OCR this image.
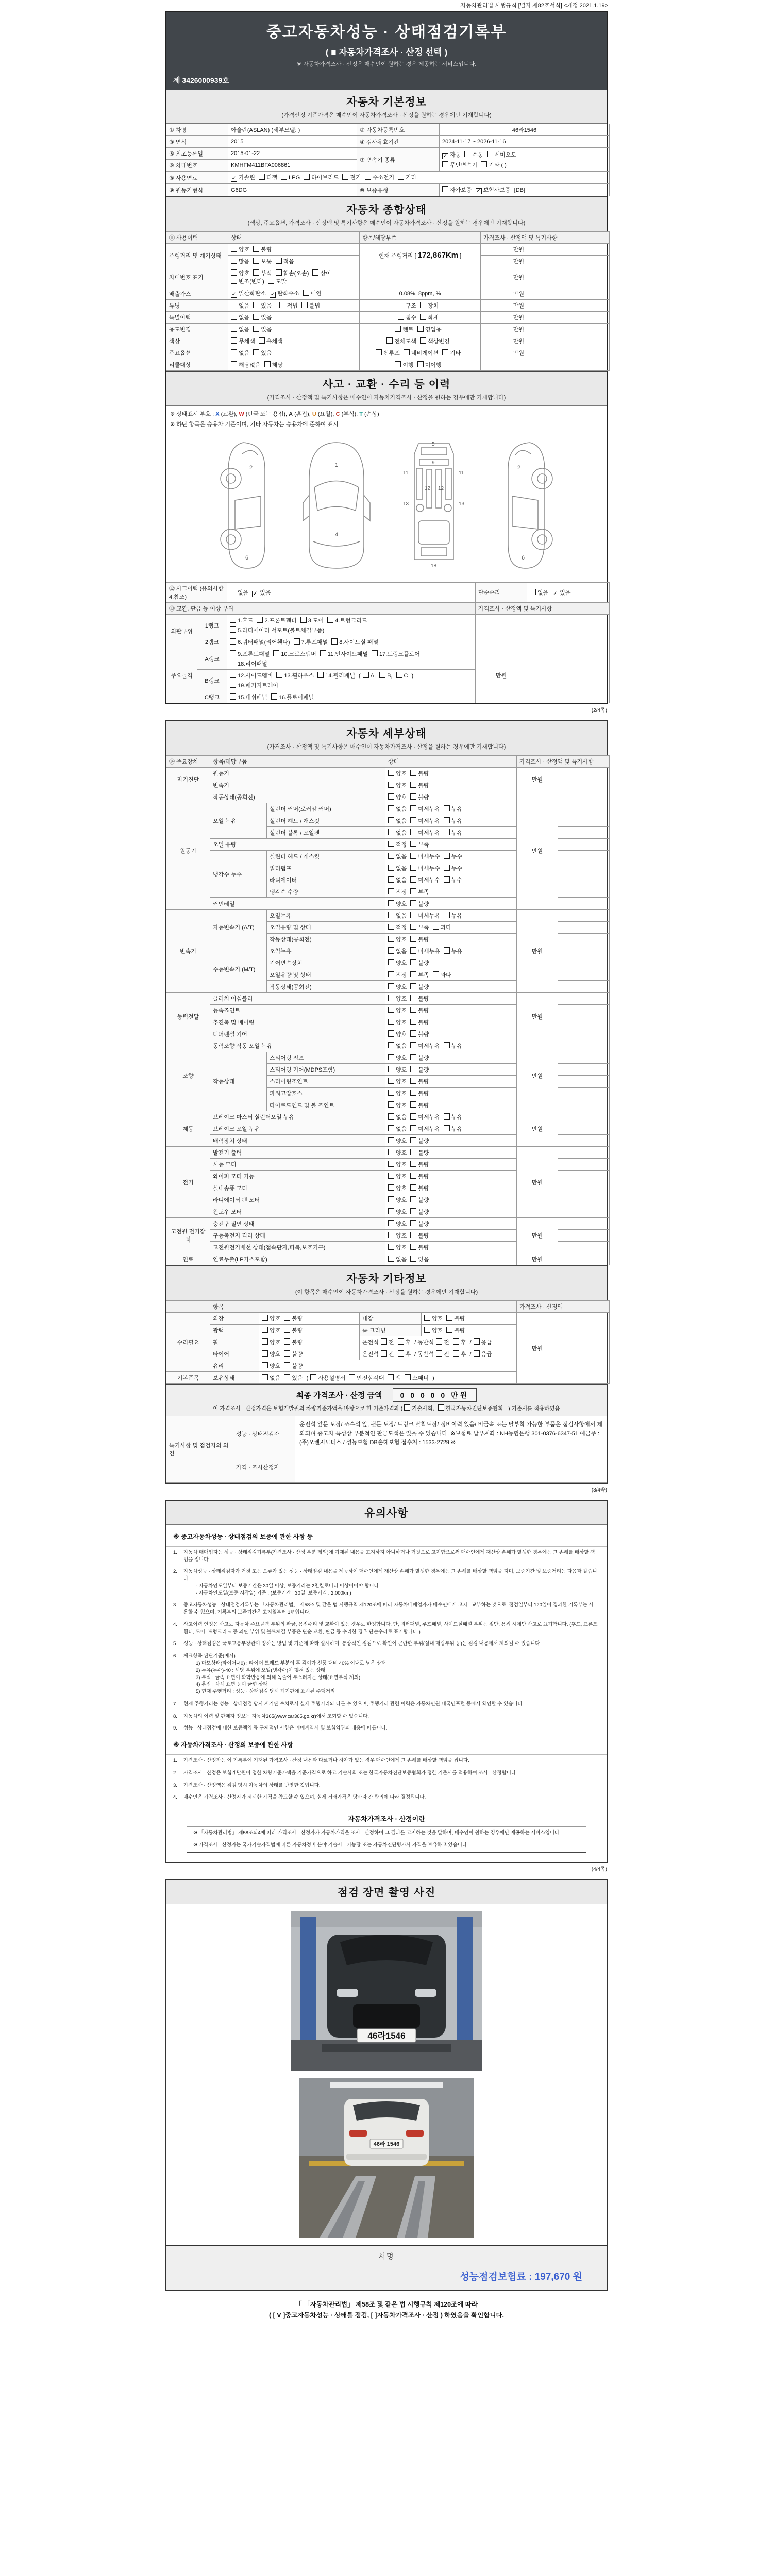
자동차관리법 시행규칙 [별지 제82호서식] <개정 2021.1.19>
중고자동차성능 · 상태점검기록부
( ■ 자동차가격조사 · 산정 선택 )
※ 자동차가격조사 · 산정은 매수인이 원하는 경우 제공하는 서비스입니다.
제 3426000939호
자동차 기본정보
(가격산정 기준가격은 매수인이 자동차가격조사 · 산정을 원하는 경우에만 기재합니다)
① 차명	아슬란(ASLAN) (세부모델: )	② 자동차등록번호	46라1546
③ 연식	2015	④ 검사유효기간	2024-11-17 ~ 2026-11-16
⑤ 최초등록일	2015-01-22	⑦ 변속기 종류	
✓자동 수동 세미오토
무단변속기 기타 ( )

⑥ 차대번호	KMHFM411BFA006861		
⑧ 사용연료	✓가솔린 디젤 LPG 하이브리드 전기 수소전기 기타
⑨ 원동기형식	G6DG	⑩ 보증유형	자가보증 ✓ 보험사보증 [DB]
자동차 종합상태
(색상, 주요옵션, 가격조사 · 산정액 및 특기사항은 매수인이 자동차가격조사 · 산정을 원하는 경우에만 기재합니다)
⑪ 사용이력	상태	항목/해당부품	가격조사 · 산정액 및 특기사항	
주행거리 및 계기상태	양호 불량	현재 주행거리 [ 172,867Km ]	만원	
	많음 보통 적음		만원	
차대번호 표기	양호 부식 훼손(오손) 상이변조(변타) 도말		만원	
배출가스	✓일산화탄소 ✓ 탄화수소 매연	0.08%, 8ppm, %	만원	
튜닝	없음 있음 적법 불법	구조 장치	만원	
특별이력	없음 있음	침수 화재	만원	
용도변경	없음 있음	렌트 영업용	만원	
색상	무채색 유채색	전체도색 색상변경	만원	
주요옵션	없음 있음	썬루프 네비게이션 기타	만원	
리콜대상	해당없음 해당	이행 미이행		
사고 · 교환 · 수리 등 이력
(가격조사 · 산정액 및 특기사항은 매수인이 자동차가격조사 · 산정을 원하는 경우에만 기재합니다)
※ 상태표시 부호 : X (교환), W (판금 또는 용접), A (흠집), U (요철), C (부식), T (손상)
※ 하단 항목은 승용차 기준이며, 기타 자동차는 승용차에 준하여 표시
2
6
1
4
5
9
11	11
13	13
12 12
18
2
6
⑫ 사고이력 (유의사항 4.참조)		없음 ✓ 있음	단순수리	없음 ✓ 있음
⑬ 교환, 판금 등 이상 부위			가격조사 · 산정액 및 특기사항	
외판부위	1랭크	1.후드 2.프론트휀더 3.도어 4.트렁크리드
5.라디에이터 서포트(볼트체결부품)		

	2랭크	6.쿼터패널(리어휀다) 7.루프패널 8.사이드실 패널		

주요골격	A랭크	9.프론트패널 10.크로스멤버 11.인사이드패널 17.트렁크플로어
18.리어패널	만원	
	B랭크	12.사이드멤버 13.휠하우스 14.필러패널 ( A, B, C )
19.패키지트레이		

	C랭크	15.대쉬패널 16.플로어패널		
(2/4쪽)
자동차 세부상태
(가격조사 · 산정액 및 특기사항은 매수인이 자동차가격조사 · 산정을 원하는 경우에만 기재합니다)
⑭ 주요장치	항목/해당부품		상태	가격조사 · 산정액 및 특기사항	
자기진단	원동기		양호 불량	만원	
	변속기		양호 불량		
원동기	작동상태(공회전)		양호 불량	만원	
	오일 누유	실린더 커버(로커암 커버)	없음 미세누유 누유		
		실린더 헤드 / 개스킷	없음 미세누유 누유		
		실린더 블록 / 오일팬	없음 미세누유 누유		
	오일 유량		적정 부족		
	냉각수 누수	실린더 헤드 / 개스킷	없음 미세누수 누수		
		워터펌프	없음 미세누수 누수		
		라디에이터	없음 미세누수 누수		
		냉각수 수량	적정 부족		
	커먼레일		양호 불량		
변속기	자동변속기 (A/T)	오일누유	없음 미세누유 누유	만원	
		오일유량 및 상태	적정 부족 과다		
		작동상태(공회전)	양호 불량		
	수동변속기 (M/T)	오일누유	없음 미세누유 누유		
		기어변속장치	양호 불량		
		오일유량 및 상태	적정 부족 과다		
		작동상태(공회전)	양호 불량		
동력전달	클러치 어셈블리		양호 불량	만원	
	등속죠인트		양호 불량		
	추진축 및 베어링		양호 불량		
	디퍼렌셜 기어		양호 불량		
조향	동력조향 작동 오일 누유		없음 미세누유 누유	만원	
	작동상태	스티어링 펌프	양호 불량		
		스티어링 기어(MDPS포함)	양호 불량		
		스티어링조인트	양호 불량		
		파워고압호스	양호 불량		
		타이로드엔드 및 볼 조인트	양호 불량		
제동	브레이크 마스터 실린더오일 누유		없음 미세누유 누유	만원	
	브레이크 오일 누유		없음 미세누유 누유		
	배력장치 상태		양호 불량		
전기	발전기 출력		양호 불량	만원	
	시동 모터		양호 불량		
	와이퍼 모터 기능		양호 불량		
	실내송풍 모터		양호 불량		
	라디에이터 팬 모터		양호 불량		
	윈도우 모터		양호 불량		
고전원 전기장치	충전구 절연 상태		양호 불량	만원	
	구동축전지 격리 상태		양호 불량		
	고전원전기배선 상태(접속단자,피복,보호기구)		양호 불량		
연료	연료누출(LP가스포함)		없음 있음	만원	
자동차 기타정보
(이 항목은 매수인이 자동차가격조사 · 산정을 원하는 경우에만 기재합니다)
	항목				가격조사 · 산정액	
수리필요	외장	양호 불량	내장	양호 불량	만원	
	광택	양호 불량	룸 크리닝	양호 불량		
	휠	양호 불량	운전석 전 후 / 동반석 전 후 / 응급			
	타이어	양호 불량	운전석 전 후 / 동반석 전 후 / 응급			
	유리	양호 불량				
기본품목	보유상태	없음 있음 ( 사용설명서 안전삼각대 잭 스패너 )				
최종 가격조사 · 산정 금액	0 0 0 0 0 만원
이 가격조사 · 산정가격은 보험개발원의 차량기준가액을 바탕으로 한 기준가격과 ( 기술사회, 한국자동차진단보증협회 ) 기준서를 적용하였음
특기사항 및 점검자의 의견	성능 · 상태점검자	운전석 앞문 도장/ 조수석 앞, 뒷문 도장/ 트렁크 탈착도장/ 정비이력 있음/ 비금속 또는 탈부착 가능한 부품은 점검사항에서 제외되며 중고차 특성상 부분적인 판금도색은 있을 수 있습니다. ※보험료 납부계좌 : NH농협은행 301-0376-6347-51 예금주 : (주)오렌지모터스 / 성능보험 DB손해보험 접수처 : 1533-2729 ※
	가격 · 조사산정자	
(3/4쪽)
유의사항
※ 중고자동차성능 · 상태점검의 보증에 관한 사항 등
1.	자동차 매매업자는 성능 · 상태점검기록부(가격조사 · 산정 부분 제외)에 기재된 내용을 고지하지 아니하거나 거짓으로 고지함으로써 매수인에게 재산상 손해가 발생한 경우에는 그 손해를 배상할 책임을 집니다.
2.	자동차성능 · 상태점검자가 거짓 또는 오류가 있는 성능 · 상태점검 내용을 제공하여 매수인에게 재산상 손해가 발생한 경우에는 그 손해를 배상할 책임을 지며, 보증기간 및 보증거리는 다음과 같습니다.
- 자동차인도일부터 보증기간은 30일 이상, 보증거리는 2천킬로미터 이상이어야 합니다.
- 자동차인도일(보증 시작일) 기준 : (보증기간 : 30일, 보증거리 : 2,000km)
3.	중고자동차성능 · 상태점검기록부는 「자동차관리법」 제58조 및 같은 법 시행규칙 제120조에 따라 자동차매매업자가 매수인에게 고지 · 교부하는 것으로, 점검일부터 120일이 경과한 기록부는 사용할 수 없으며, 기록부의 보관기간은 고지일부터 1년입니다.
4.	사고이력 인정은 사고로 자동차 주요골격 부위의 판금, 용접수리 및 교환이 있는 경우로 한정합니다. 단, 쿼터패널, 루프패널, 사이드실패널 부위는 절단, 용접 시에만 사고로 표기합니다. (후드, 프론트휀더, 도어, 트렁크리드 등 외판 부위 및 볼트체결 부품은 단순 교환, 판금 등 수리한 경우 단순수리로 표기합니다.)
5.	성능 · 상태점검은 국토교통부장관이 정하는 방법 및 기준에 따라 실시하며, 통상적인 점검으로 확인이 곤란한 부위(실내 매립부위 등)는 점검 내용에서 제외될 수 있습니다.
6.	체크항목 판단기준(예시)
1) 마모상태(타이어-40) : 타이어 트레드 부분의 홈 깊이가 신품 대비 40% 이내로 남은 상태
2) 누유(누수)-40 : 해당 부위에 오일(냉각수)이 맺혀 있는 상태
3) 부식 : 금속 표면이 화학반응에 의해 녹슬어 부스러지는 상태(표면부식 제외)
4) 흠집 : 차체 표면 등이 긁힌 상태
5) 현재 주행거리 : 성능 · 상태점검 당시 계기판에 표시된 주행거리
7.	현재 주행거리는 성능 · 상태점검 당시 계기판 수치로서 실제 주행거리와 다를 수 있으며, 주행거리 관련 이력은 자동차민원 대국민포털 등에서 확인할 수 있습니다.
8.	자동차의 이력 및 판매자 정보는 자동차365(www.car365.go.kr)에서 조회할 수 있습니다.
9.	성능 · 상태점검에 대한 보증책임 등 구체적인 사항은 매매계약서 및 보험약관의 내용에 따릅니다.
※ 자동차가격조사 · 산정의 보증에 관한 사항
1.	가격조사 · 산정자는 이 기록부에 기재된 가격조사 · 산정 내용과 다르거나 하자가 있는 경우 매수인에게 그 손해를 배상할 책임을 집니다.
2.	가격조사 · 산정은 보험개발원이 정한 차량기준가액을 기준가격으로 하고 기술사회 또는 한국자동차진단보증협회가 정한 기준서를 적용하여 조사 · 산정합니다.
3.	가격조사 · 산정액은 점검 당시 자동차의 상태를 반영한 것입니다.
4.	매수인은 가격조사 · 산정자가 제시한 가격을 참고할 수 있으며, 실제 거래가격은 당사자 간 합의에 따라 결정됩니다.
자동차가격조사 · 산정이란
※ 「자동차관리법」 제58조의4에 따라 가격조사 · 산정자가 자동차가격을 조사 · 산정하여 그 결과를 고지하는 것을 말하며, 매수인이 원하는 경우에만 제공하는 서비스입니다.
※ 가격조사 · 산정자는 국가기술자격법에 따른 자동차정비 분야 기술사 · 기능장 또는 자동차진단평가사 자격을 보유하고 있습니다.
(4/4쪽)
점검 장면 촬영 사진
46라1546
46라 1546
서명
성능점검보험료 : 197,670 원
「 「자동차관리법」 제58조 및 같은 법 시행규칙 제120조에 따라
( [ V ]중고자동차성능 · 상태를 점검, [ ]자동차가격조사 · 산정 ) 하였음을 확인합니다.
